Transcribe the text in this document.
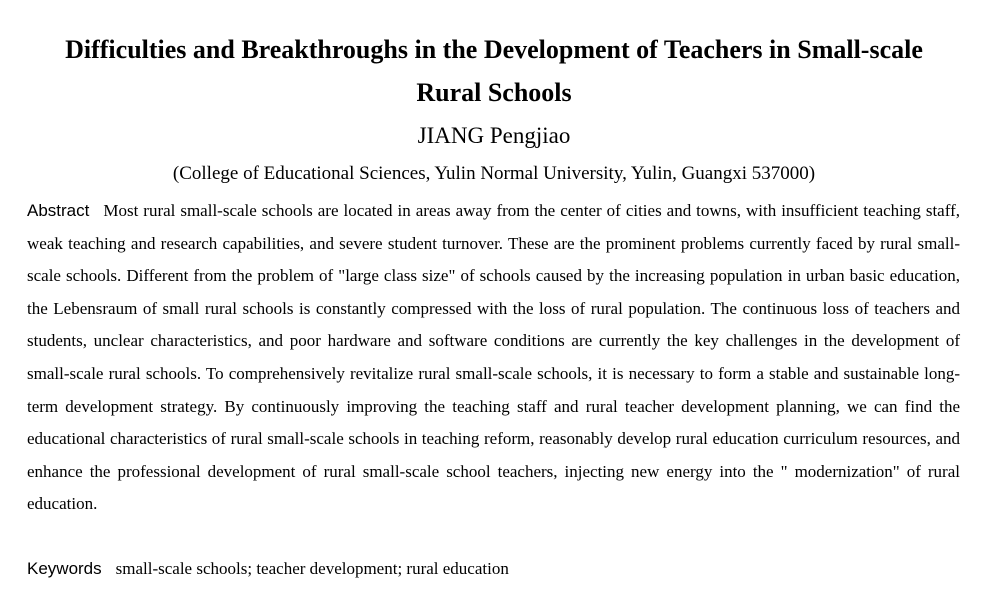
Difficulties and Breakthroughs in the Development of Teachers in Small-scale Rural Schools
JIANG Pengjiao
(College of Educational Sciences, Yulin Normal University, Yulin, Guangxi 537000)

Abstract Most rural small-scale schools are located in areas away from the center of cities and towns, with insufficient teaching staff, weak teaching and research capabilities, and severe student turnover. These are the prominent problems currently faced by rural small-scale schools. Different from the problem of "large class size" of schools caused by the increasing population in urban basic education, the Lebensraum of small rural schools is constantly compressed with the loss of rural population. The continuous loss of teachers and students, unclear characteristics, and poor hardware and software conditions are currently the key challenges in the development of small-scale rural schools. To comprehensively revitalize rural small-scale schools, it is necessary to form a stable and sustainable long-term development strategy. By continuously improving the teaching staff and rural teacher development planning, we can find the educational characteristics of rural small-scale schools in teaching reform, reasonably develop rural education curriculum resources, and enhance the professional development of rural small-scale school teachers, injecting new energy into the " modernization" of rural education.

Keywords small-scale schools; teacher development; rural education
